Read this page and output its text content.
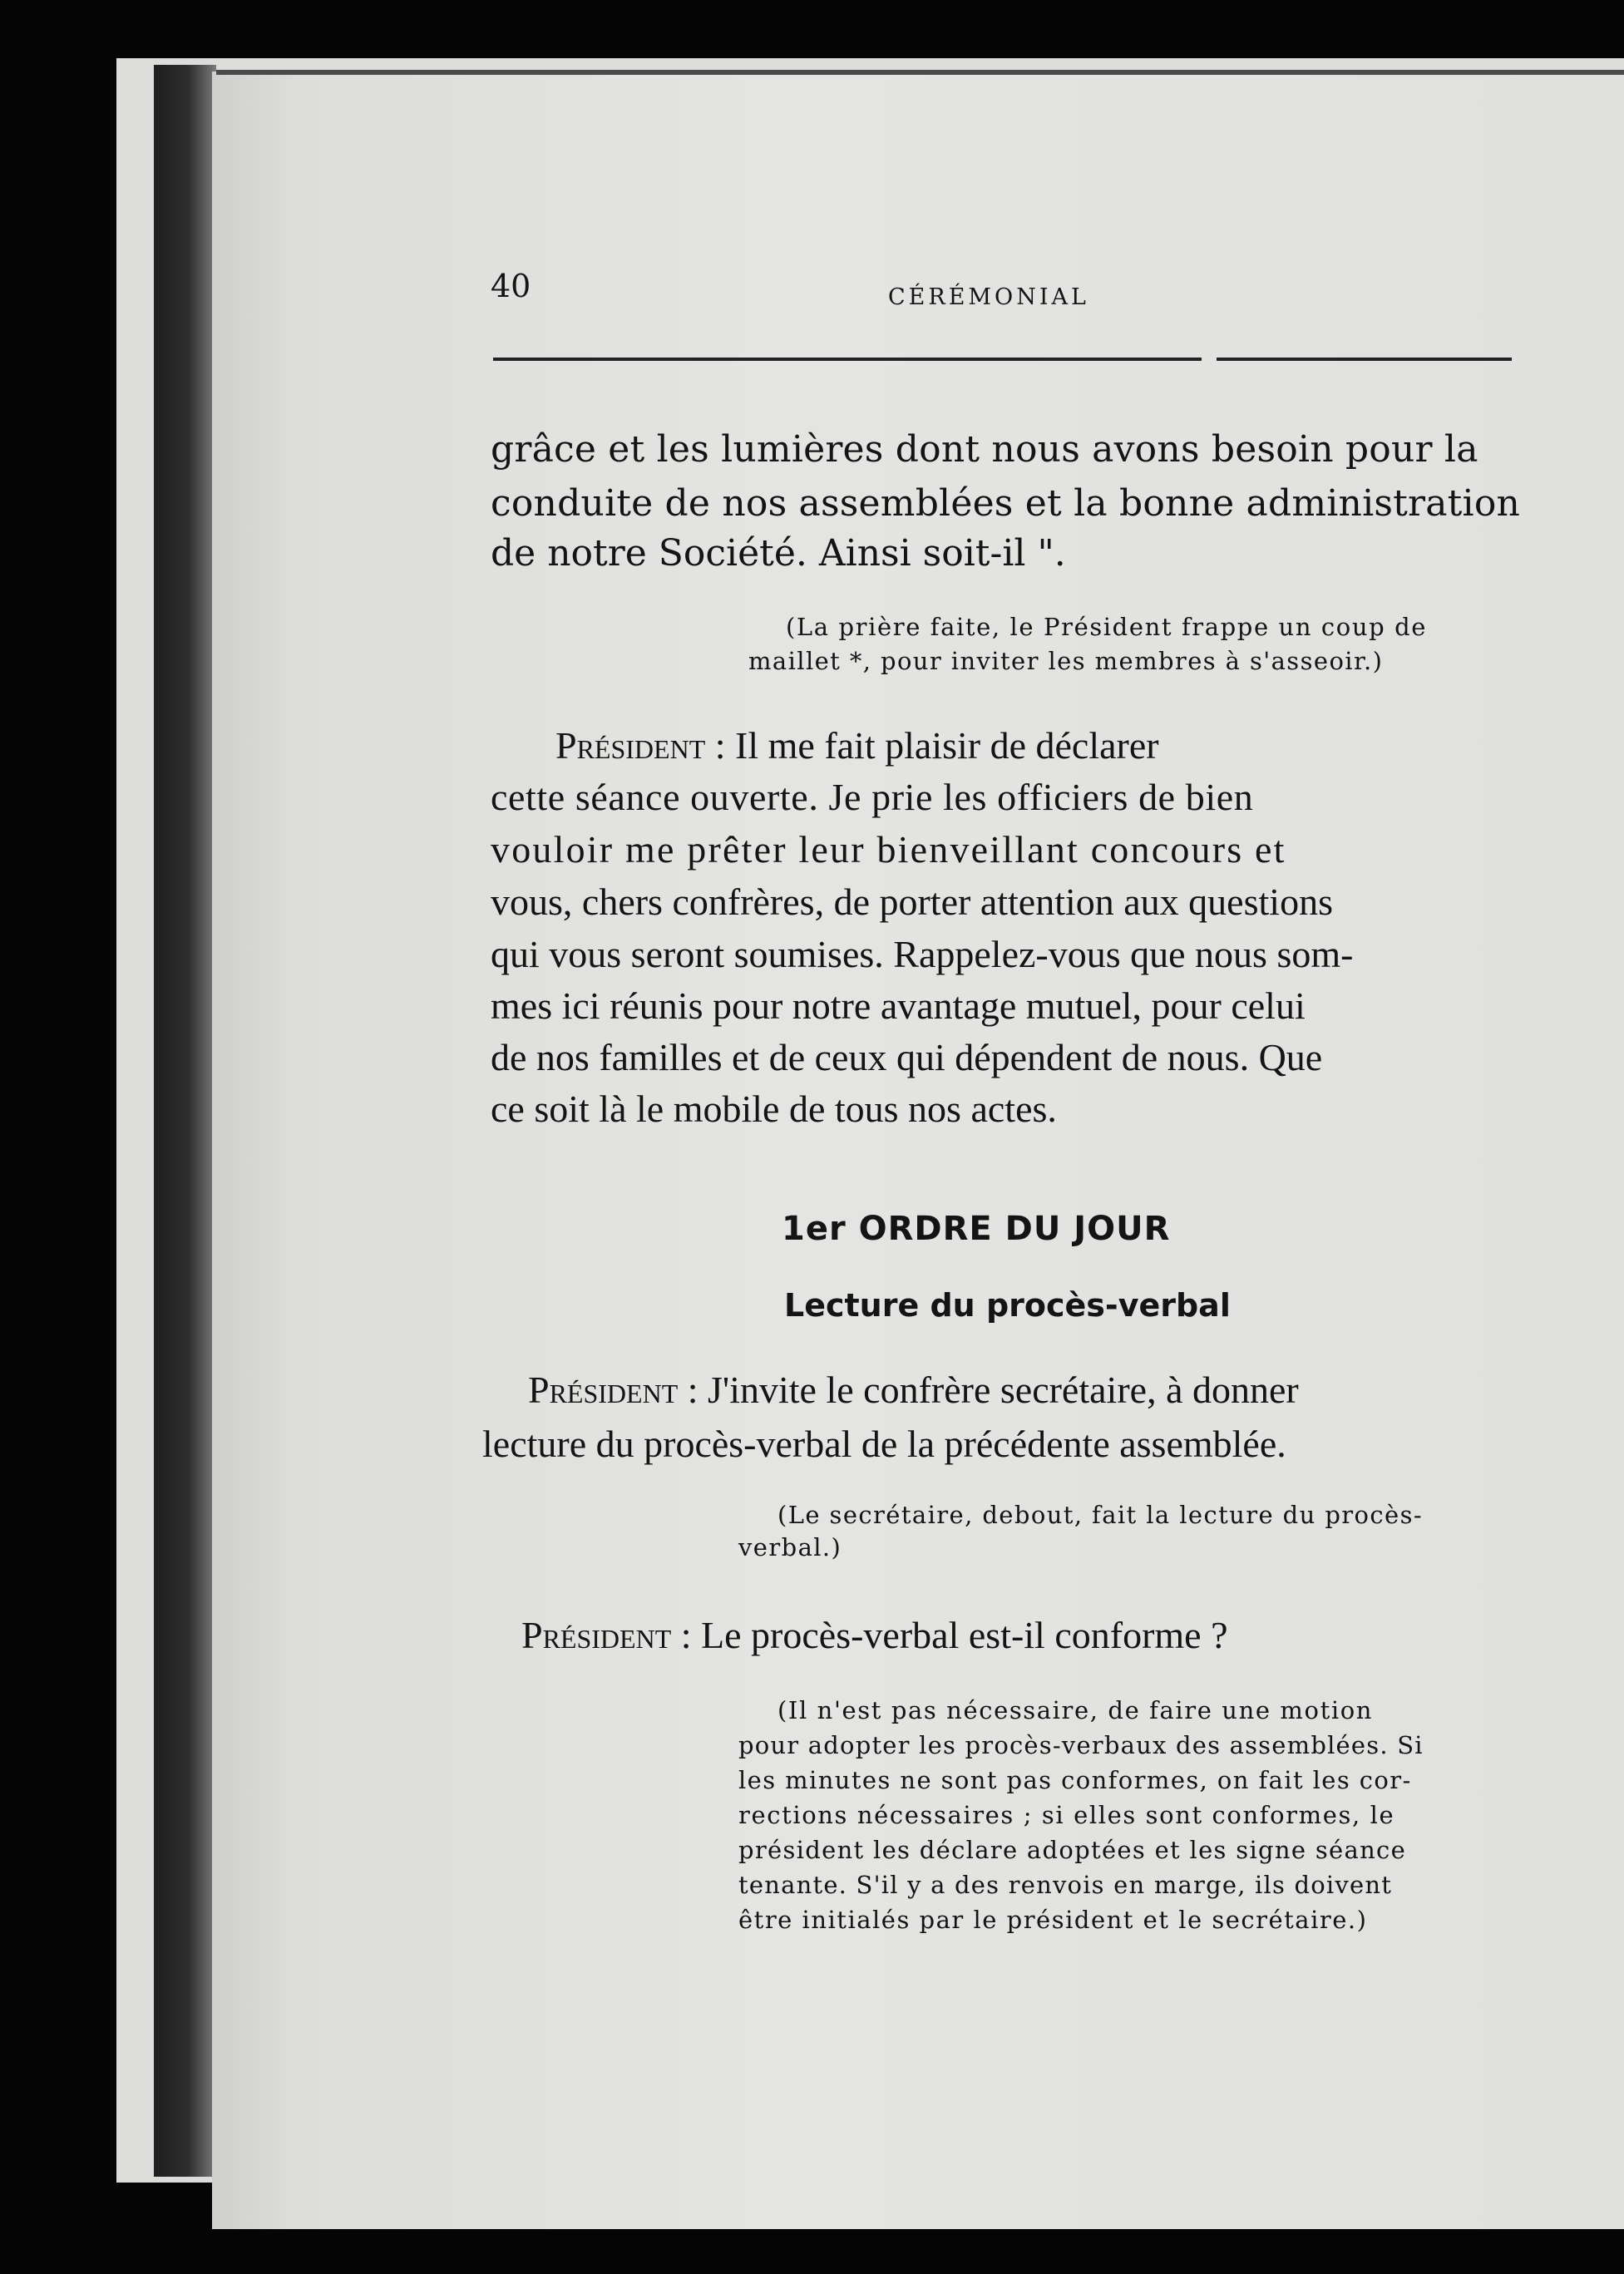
40	CÉRÉMONIAL
grâce et les lumières dont nous avons besoin pour la
conduite de nos assemblées et la bonne administration
de notre Société. Ainsi soit-il ".
(La prière faite, le Président frappe un coup de
maillet *, pour inviter les membres à s'asseoir.)
Président : Il me fait plaisir de déclarer
cette séance ouverte. Je prie les officiers de bien
vouloir me prêter leur bienveillant concours et
vous, chers confrères, de porter attention aux questions
qui vous seront soumises. Rappelez-vous que nous som-
mes ici réunis pour notre avantage mutuel, pour celui
de nos familles et de ceux qui dépendent de nous. Que
ce soit là le mobile de tous nos actes.
1er ORDRE DU JOUR
Lecture du procès-verbal
Président : J'invite le confrère secrétaire, à donner
lecture du procès-verbal de la précédente assemblée.
(Le secrétaire, debout, fait la lecture du procès-
verbal.)
Président : Le procès-verbal est-il conforme ?
(Il n'est pas nécessaire, de faire une motion
pour adopter les procès-verbaux des assemblées. Si
les minutes ne sont pas conformes, on fait les cor-
rections nécessaires ; si elles sont conformes, le
président les déclare adoptées et les signe séance
tenante. S'il y a des renvois en marge, ils doivent
être initialés par le président et le secrétaire.)
